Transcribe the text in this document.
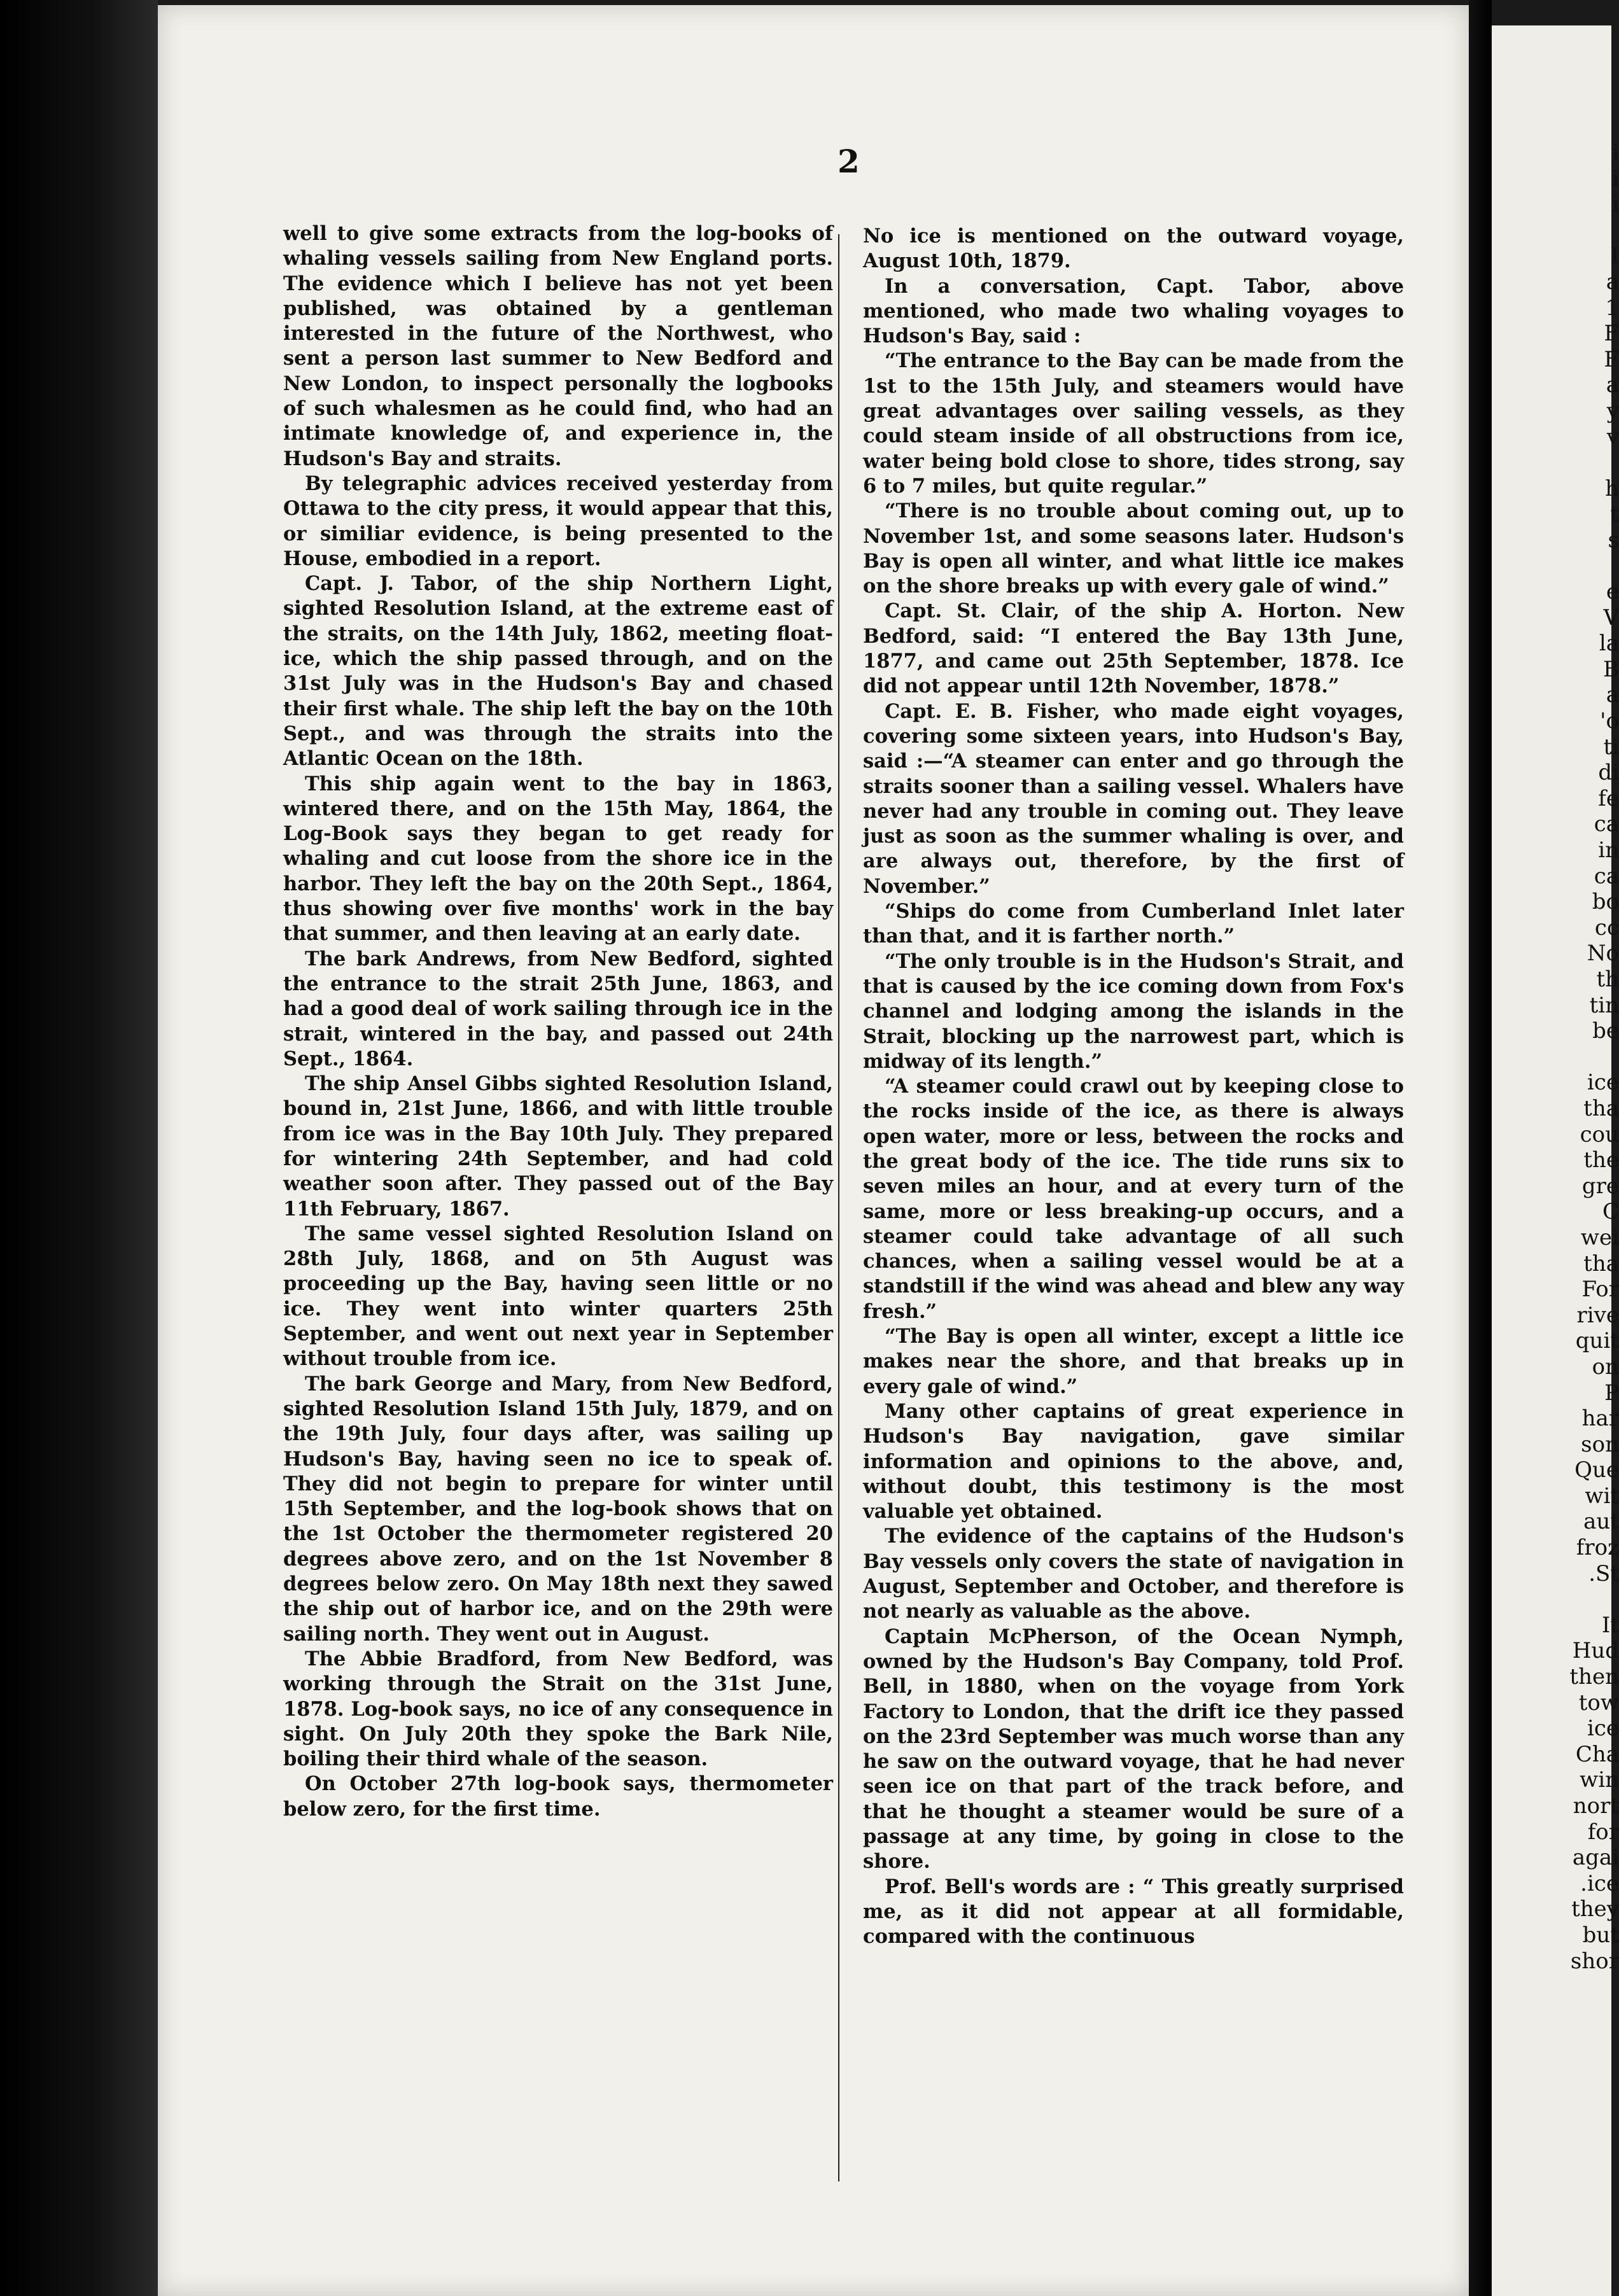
i
i
i

I
a
1
F
F
a
y
v

h
t
s

e
V
la
B
a
o'
ti
di
fe
ca
in
ca
bo
cc
No
th
tin
be

ice
tha
cou
the
gre
C
wei
tha
For
rive
quit
on
P
har
son
Que
wit
aut
froz
St.

It
Hud
then
tow
ice
Cha
win
nort
for
agai
ice.
they
but
shor
2

well to give some extracts from the log-books of whaling vessels sailing from New England ports. The evidence which I believe has not yet been published, was obtained by a gentleman interested in the future of the Northwest, who sent a person last summer to New Bedford and New London, to inspect personally the logbooks of such whalesmen as he could find, who had an intimate knowledge of, and experience in, the Hudson's Bay and straits.

By telegraphic advices received yesterday from Ottawa to the city press, it would appear that this, or similiar evidence, is being presented to the House, embodied in a report.

Capt. J. Tabor, of the ship Northern Light, sighted Resolution Island, at the extreme east of the straits, on the 14th July, 1862, meeting float-ice, which the ship passed through, and on the 31st July was in the Hudson's Bay and chased their first whale. The ship left the bay on the 10th Sept., and was through the straits into the Atlantic Ocean on the 18th.

This ship again went to the bay in 1863, wintered there, and on the 15th May, 1864, the Log-Book says they began to get ready for whaling and cut loose from the shore ice in the harbor. They left the bay on the 20th Sept., 1864, thus showing over five months' work in the bay that summer, and then leaving at an early date.

The bark Andrews, from New Bedford, sighted the entrance to the strait 25th June, 1863, and had a good deal of work sailing through ice in the strait, wintered in the bay, and passed out 24th Sept., 1864.

The ship Ansel Gibbs sighted Resolution Island, bound in, 21st June, 1866, and with little trouble from ice was in the Bay 10th July. They prepared for wintering 24th September, and had cold weather soon after. They passed out of the Bay 11th February, 1867.

The same vessel sighted Resolution Island on 28th July, 1868, and on 5th August was proceeding up the Bay, having seen little or no ice. They went into winter quarters 25th September, and went out next year in September without trouble from ice.

The bark George and Mary, from New Bedford, sighted Resolution Island 15th July, 1879, and on the 19th July, four days after, was sailing up Hudson's Bay, having seen no ice to speak of. They did not begin to prepare for winter until 15th September, and the log-book shows that on the 1st October the thermometer registered 20 degrees above zero, and on the 1st November 8 degrees below zero. On May 18th next they sawed the ship out of harbor ice, and on the 29th were sailing north. They went out in August.

The Abbie Bradford, from New Bedford, was working through the Strait on the 31st June, 1878. Log-book says, no ice of any consequence in sight. On July 20th they spoke the Bark Nile, boiling their third whale of the season.

On October 27th log-book says, thermometer below zero, for the first time.

No ice is mentioned on the outward voyage, August 10th, 1879.

In a conversation, Capt. Tabor, above mentioned, who made two whaling voyages to Hudson's Bay, said :

“The entrance to the Bay can be made from the 1st to the 15th July, and steamers would have great advantages over sailing vessels, as they could steam inside of all obstructions from ice, water being bold close to shore, tides strong, say 6 to 7 miles, but quite regular.”

“There is no trouble about coming out, up to November 1st, and some seasons later. Hudson's Bay is open all winter, and what little ice makes on the shore breaks up with every gale of wind.”

Capt. St. Clair, of the ship A. Horton. New Bedford, said: “I entered the Bay 13th June, 1877, and came out 25th September, 1878. Ice did not appear until 12th November, 1878.”

Capt. E. B. Fisher, who made eight voyages, covering some sixteen years, into Hudson's Bay, said :—“A steamer can enter and go through the straits sooner than a sailing vessel. Whalers have never had any trouble in coming out. They leave just as soon as the summer whaling is over, and are always out, therefore, by the first of November.”

“Ships do come from Cumberland Inlet later than that, and it is farther north.”

“The only trouble is in the Hudson's Strait, and that is caused by the ice coming down from Fox's channel and lodging among the islands in the Strait, blocking up the narrowest part, which is midway of its length.”

“A steamer could crawl out by keeping close to the rocks inside of the ice, as there is always open water, more or less, between the rocks and the great body of the ice. The tide runs six to seven miles an hour, and at every turn of the same, more or less breaking-up occurs, and a steamer could take advantage of all such chances, when a sailing vessel would be at a standstill if the wind was ahead and blew any way fresh.”

“The Bay is open all winter, except a little ice makes near the shore, and that breaks up in every gale of wind.”

Many other captains of great experience in Hudson's Bay navigation, gave similar information and opinions to the above, and, without doubt, this testimony is the most valuable yet obtained.

The evidence of the captains of the Hudson's Bay vessels only covers the state of navigation in August, September and October, and therefore is not nearly as valuable as the above.

Captain McPherson, of the Ocean Nymph, owned by the Hudson's Bay Company, told Prof. Bell, in 1880, when on the voyage from York Factory to London, that the drift ice they passed on the 23rd September was much worse than any he saw on the outward voyage, that he had never seen ice on that part of the track before, and that he thought a steamer would be sure of a passage at any time, by going in close to the shore.

Prof. Bell's words are : “ This greatly surprised me, as it did not appear at all formidable, compared with the continuous
